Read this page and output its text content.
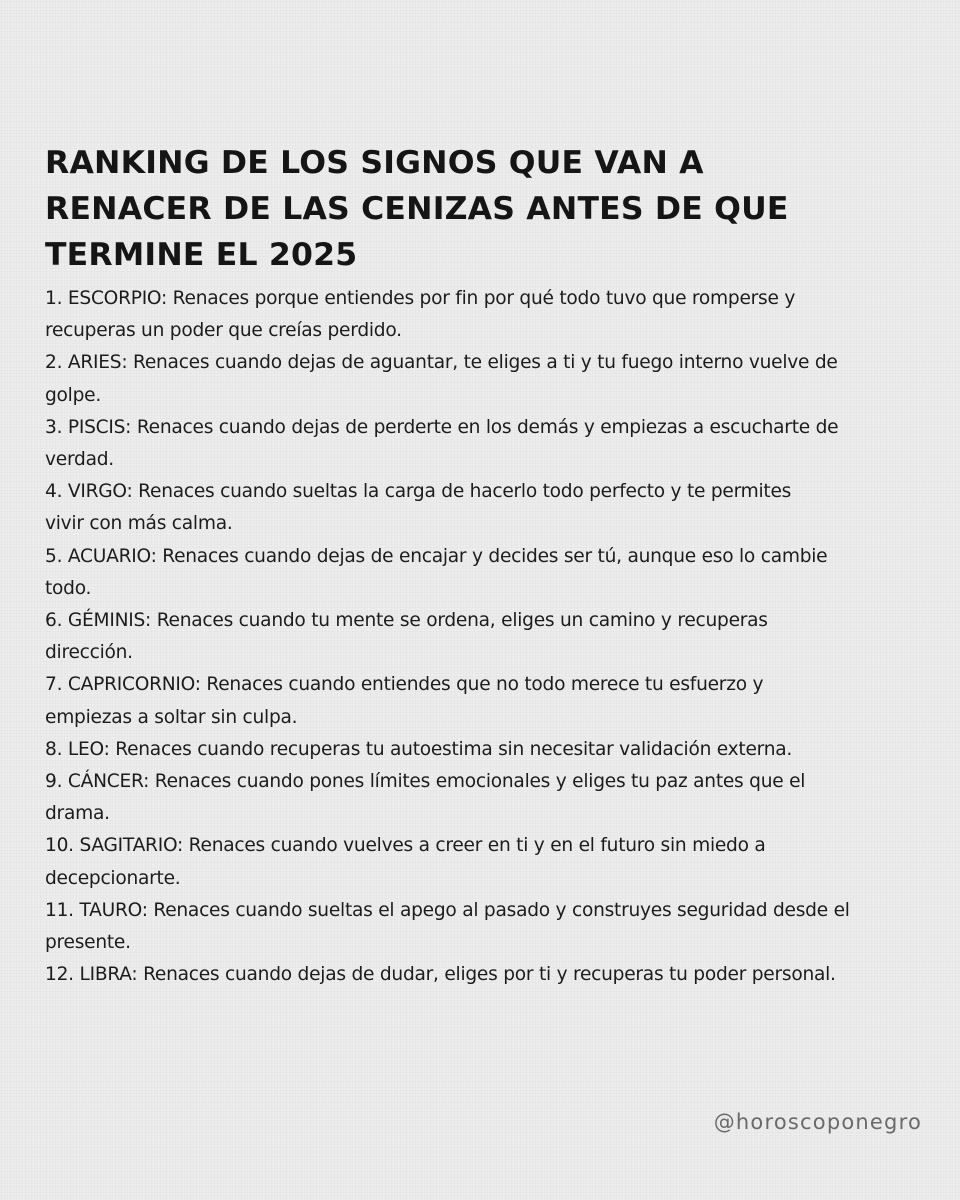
RANKING DE LOS SIGNOS QUE VAN A
RENACER DE LAS CENIZAS ANTES DE QUE
TERMINE EL 2025
1. ESCORPIO: Renaces porque entiendes por fin por qué todo tuvo que romperse y
recuperas un poder que creías perdido.
2. ARIES: Renaces cuando dejas de aguantar, te eliges a ti y tu fuego interno vuelve de
golpe.
3. PISCIS: Renaces cuando dejas de perderte en los demás y empiezas a escucharte de
verdad.
4. VIRGO: Renaces cuando sueltas la carga de hacerlo todo perfecto y te permites
vivir con más calma.
5. ACUARIO: Renaces cuando dejas de encajar y decides ser tú, aunque eso lo cambie
todo.
6. GÉMINIS: Renaces cuando tu mente se ordena, eliges un camino y recuperas
dirección.
7. CAPRICORNIO: Renaces cuando entiendes que no todo merece tu esfuerzo y
empiezas a soltar sin culpa.
8. LEO: Renaces cuando recuperas tu autoestima sin necesitar validación externa.
9. CÁNCER: Renaces cuando pones límites emocionales y eliges tu paz antes que el
drama.
10. SAGITARIO: Renaces cuando vuelves a creer en ti y en el futuro sin miedo a
decepcionarte.
11. TAURO: Renaces cuando sueltas el apego al pasado y construyes seguridad desde el
presente.
12. LIBRA: Renaces cuando dejas de dudar, eliges por ti y recuperas tu poder personal.
@horoscoponegro
